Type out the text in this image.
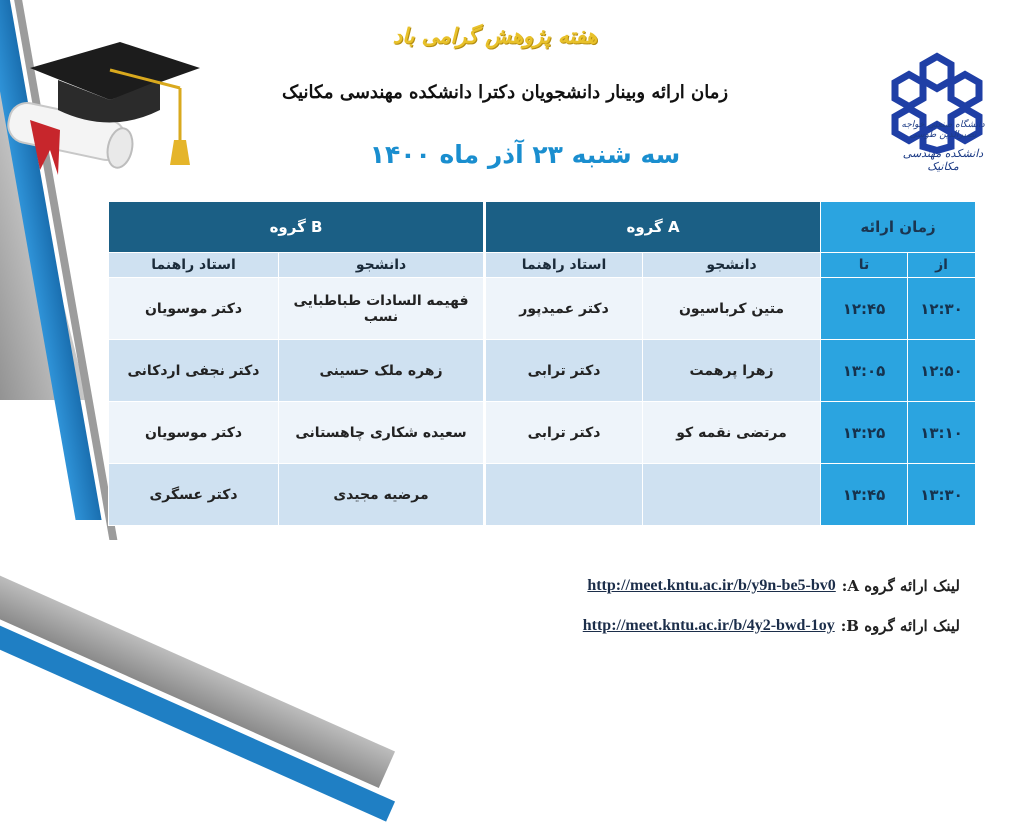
دانشگاه صنعتی خواجه نصیرالدین طوسی
دانشکده مهندسی مکانیک
هفته پژوهش گرامی باد
زمان ارائه وبینار دانشجویان دکترا دانشکده مهندسی مکانیک
سه شنبه ۲۳ آذر ماه ۱۴۰۰
گروه B		گروه A		زمان ارائه	
استاد راهنما	دانشجو	استاد راهنما	دانشجو	تا	از
دکتر موسویان	فهیمه السادات طباطبایی نسب	دکتر عمیدپور	متین کرباسیون	۱۲:۴۵	۱۲:۳۰
دکتر نجفی اردکانی	زهره ملک حسینی	دکتر ترابی	زهرا پرهمت	۱۳:۰۵	۱۲:۵۰
دکتر موسویان	سعیده شکاری چاهستانی	دکتر ترابی	مرتضی نقمه کو	۱۳:۲۵	۱۳:۱۰
دکتر عسگری	مرضیه مجیدی			۱۳:۴۵	۱۳:۳۰
http://meet.kntu.ac.ir/b/y9n-be5-bv0 لینک ارائه گروه A:
http://meet.kntu.ac.ir/b/4y2-bwd-1oy لینک ارائه گروه B:
